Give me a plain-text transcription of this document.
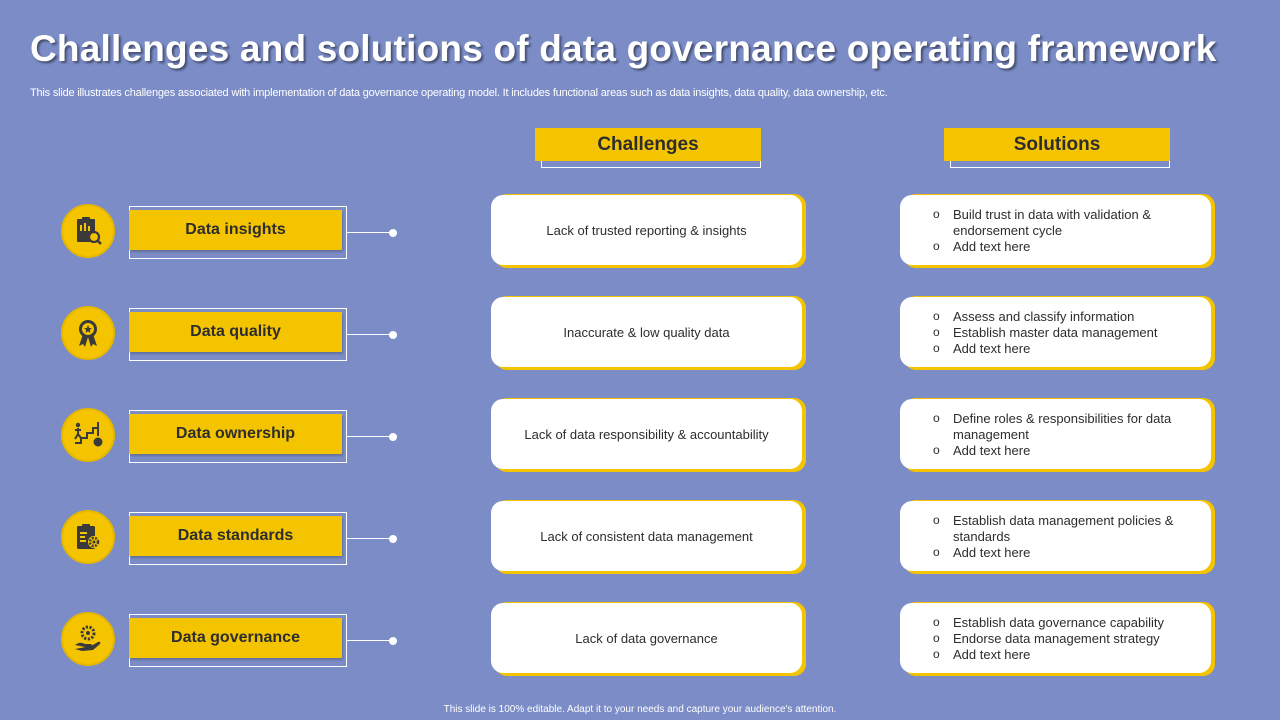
Challenges and solutions of data governance operating framework
This slide illustrates challenges associated with implementation of data governance operating model. It includes functional areas such as data insights, data quality, data ownership, etc.
Challenges	Solutions
Data insights	Lack of trusted reporting & insights
o Build trust in data with validation & endorsement cycle
o Add text here
Data quality	Inaccurate & low quality data
o Assess and classify information
o Establish master data management
o Add text here
Data ownership	Lack of data responsibility & accountability
o Define roles & responsibilities for data management
o Add text here
Data standards	Lack of consistent data management
o Establish data management policies & standards
o Add text here
Data governance	Lack of data governance
o Establish data governance capability
o Endorse data management strategy
o Add text here
This slide is 100% editable. Adapt it to your needs and capture your audience's attention.
